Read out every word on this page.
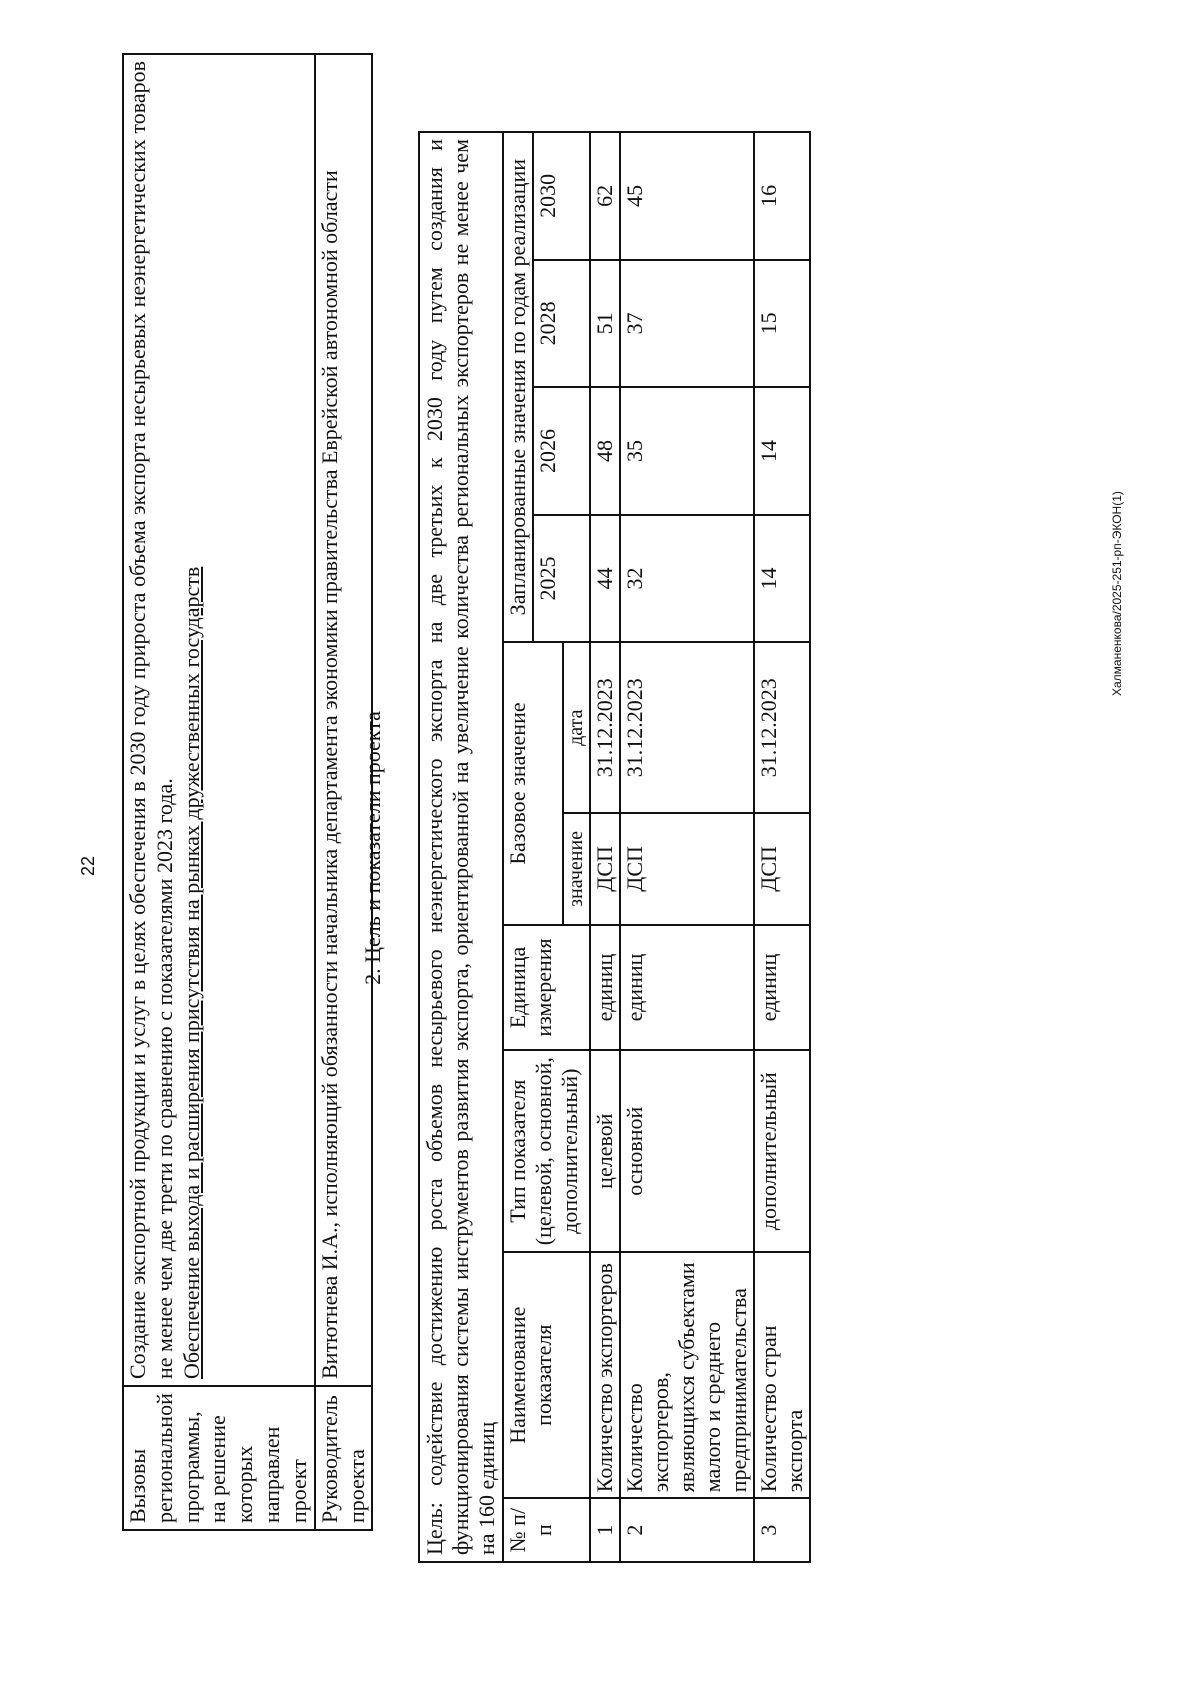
22
Вызовы региональной программы, на решение которых направлен проект	Создание экспортной продукции и услуг в целях обеспечения в 2030 году прироста объема экспорта несырьевых неэнергетических товаров не менее чем две трети по сравнению с показателями 2023 года. Обеспечение выхода и расширения присутствия на рынках дружественных государств

Руководитель проекта	Витютнева И.А., исполняющий обязанности начальника департамента экономики правительства Еврейской автономной области 2. Цель и показатели проекта Цель: содействие достижению роста объемов несырьевого неэнергетического экспорта на две третьих к 2030 году путем создания и функционирования системы инструментов развития экспорта, ориентированной на увеличение количества региональных экспортеров не менее чем на 160 единиц									
№ п/п	Наименование показателя	Тип показателя (целевой, основной, дополнительный)	Единица измерения	Базовое значение		Запланированные значения по годам реализации			
						2025	2026	2028	2030
				значение	дата				
1	Количество экспортеров	целевой	единиц	ДСП	31.12.2023	44	48	51	62
2	Количество экспортеров, являющихся субъектами малого и среднего предпринимательства	основной	единиц	ДСП	31.12.2023	32	35	37	45
3	Количество стран экспорта	дополнительный	единиц	ДСП	31.12.2023	14	14	15	16
Халманенкова/2025-251-рп-ЭКОН(1)
